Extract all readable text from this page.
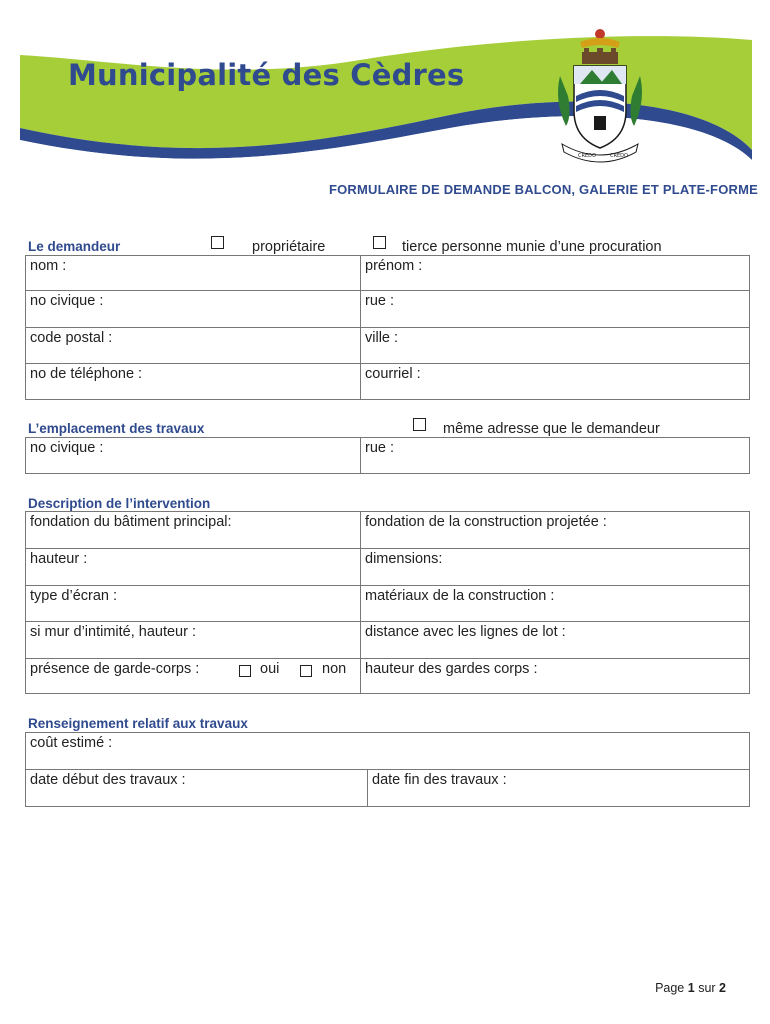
Municipalité des Cèdres
CREDO	CREDO
FORMULAIRE DE DEMANDE BALCON, GALERIE ET PLATE-FORME
Le demandeur	propriétaire	tierce personne munie d’une procuration
nom :	prénom :
no civique :	rue :
code postal :	ville :
no de téléphone :	courriel :
L’emplacement des travaux	même adresse que le demandeur
no civique :	rue :
Description de l’intervention
fondation du bâtiment principal:	fondation de la construction projetée :
hauteur :	dimensions:
type d’écran :	matériaux de la construction :
si mur d’intimité, hauteur :	distance avec les lignes de lot :
présence de garde-corps : oui non	hauteur des gardes corps :
Renseignement relatif aux travaux
coût estimé :
date début des travaux :	date fin des travaux :
Page 1 sur 2
